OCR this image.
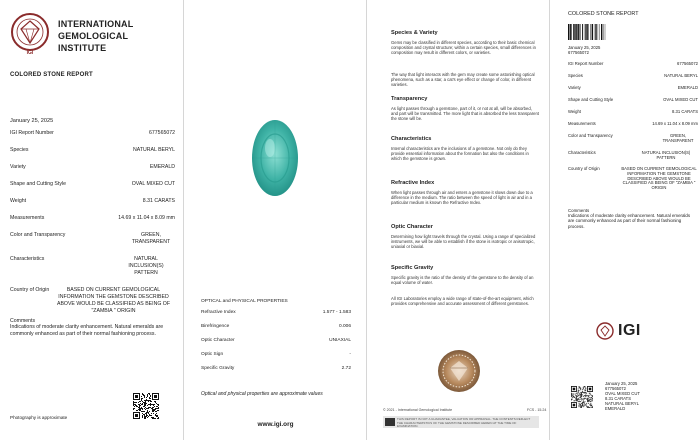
IGI
INTERNATIONAL
GEMOLOGICAL
INSTITUTE
COLORED STONE REPORT
January 25, 2025
IGI Report Number	677565072
Species	NATURAL BERYL
Variety	EMERALD
Shape and Cutting Style	OVAL MIXED CUT
Weight	8.31 CARATS
Measurements	14.69 x 11.04 x 8.09 mm
Color and Transparency	GREEN, TRANSPARENT
Characteristics	NATURAL INCLUSION(S) PATTERN
Country of Origin	BASED ON CURRENT GEMOLOGICAL INFORMATION THE GEMSTONE DESCRIBED ABOVE WOULD BE CLASSIFIED AS BEING OF "ZAMBIA " ORIGIN
Comments
Indications of moderate clarity enhancement. Natural emeralds are commonly enhanced as part of their normal fashioning process.
Photography is approximate
OPTICAL and PHYSICAL PROPERTIES
Refractive Index	1.577 - 1.583
Birefringence	0.006
Optic Character	UNIAXIAL
Optic Sign	-
Specific Gravity	2.72
Optical and physical properties are approximate values
www.igi.org
Species & Variety

Gems may be classified in different species, according to their basic chemical composition and crystal structure; within a certain species, small differences in composition may result in different colors, or varieties.

The way that light interacts with the gem may create some astonishing optical phenomena, such as a star, a cat's eye effect or change of color, in different varieties.

Transparency

As light passes through a gemstone, part of it, or not at all, will be absorbed, and part will be transmitted. The more light that is absorbed the less transparent the stone will be.

Characteristics

Internal characteristics are the inclusions of a gemstone. Not only do they provide essential information about the formation but also the conditions in which the gemstone is grown.

Refractive Index

When light passes through air and enters a gemstone it slows down due to a difference in the medium. The ratio between the speed of light in air and in a particular medium is known the Refractive Index.

Optic Character

Determining how light travels through the crystal. Using a range of specialized instruments, we will be able to establish if the stone is isotropic or anisotropic, uniaxial or biaxial.

Specific Gravity

Specific gravity is the ratio of the density of the gemstone to the density of an equal volume of water.

All IGI Laboratories employ a wide range of state-of-the-art equipment, which provides comprehensive and accurate assessment of different gemstones.

© 2021 - International Gemological Institute	FCS - 15.24
THIS REPORT IS NOT A GUARANTEE, VALUATION OR APPRAISAL. THE CONTENTS REFLECT THE CHARACTERISTICS OF THE GEMSTONE DESCRIBED HEREIN AT THE TIME OF EXAMINATION.
COLORED STONE REPORT
January 25, 2025
677565072
IGI Report Number	677565072
Species	NATURAL BERYL
Variety	EMERALD
Shape and Cutting Style	OVAL MIXED CUT
Weight	8.31 CARATS
Measurements	14.69 x 11.04 x 8.09 mm
Color and Transparency	GREEN, TRANSPARENT
Characteristics	NATURAL INCLUSION(S) PATTERN
Country of Origin	BASED ON CURRENT GEMOLOGICAL INFORMATION THE GEMSTONE DESCRIBED ABOVE WOULD BE CLASSIFIED AS BEING OF "ZAMBIA " ORIGIN
Comments
Indications of moderate clarity enhancement. Natural emeralds are commonly enhanced as part of their normal fashioning process.
IGI
January 25, 2025
677565072
OVAL MIXED CUT
8.31 CARATS
NATURAL BERYL
EMERALD
